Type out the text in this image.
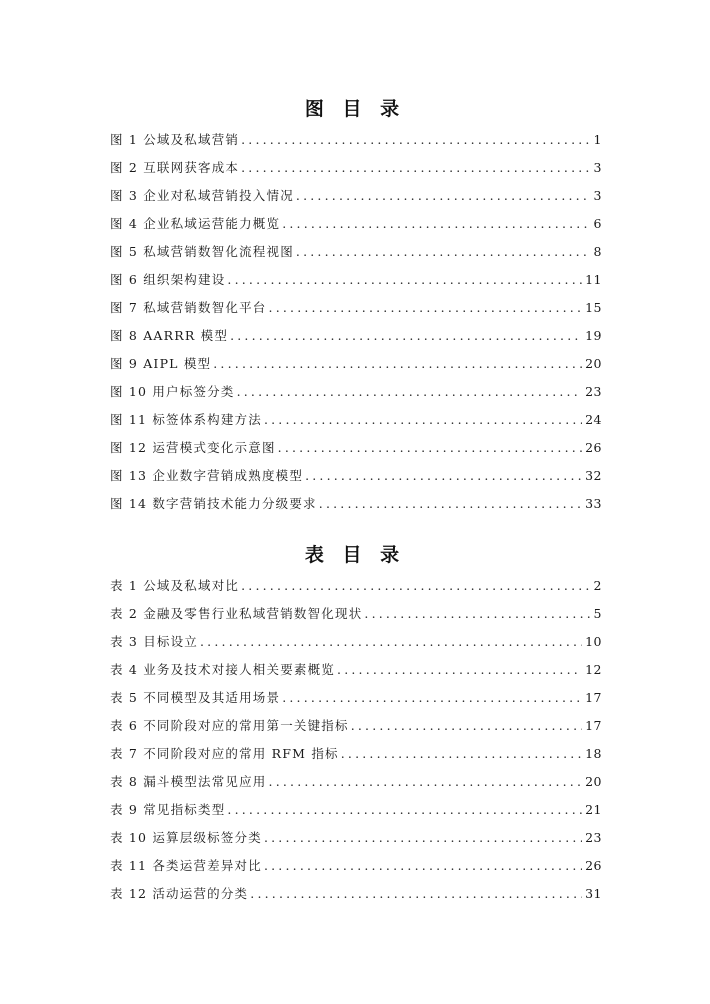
图 目 录
图 1 公域及私域营销 .....	1
图 2 互联网获客成本 .....	3
图 3 企业对私域营销投入情况 .....	3
图 4 企业私域运营能力概览 .....	6
图 5 私域营销数智化流程视图 .....	8
图 6 组织架构建设 .....	11
图 7 私域营销数智化平台 .....	15
图 8 AARRR 模型 .....	19
图 9 AIPL 模型 .....	20
图 10 用户标签分类 .....	23
图 11 标签体系构建方法 .....	24
图 12 运营模式变化示意图 .....	26
图 13 企业数字营销成熟度模型 .....	32
图 14 数字营销技术能力分级要求 .....	33
表 目 录
表 1 公域及私域对比 .....	2
表 2 金融及零售行业私域营销数智化现状 .....	5
表 3 目标设立 .....	10
表 4 业务及技术对接人相关要素概览 .....	12
表 5 不同模型及其适用场景 .....	17
表 6 不同阶段对应的常用第一关键指标 .....	17
表 7 不同阶段对应的常用 RFM 指标 .....	18
表 8 漏斗模型法常见应用 .....	20
表 9 常见指标类型 .....	21
表 10 运算层级标签分类 .....	23
表 11 各类运营差异对比 .....	26
表 12 活动运营的分类 .....	31
